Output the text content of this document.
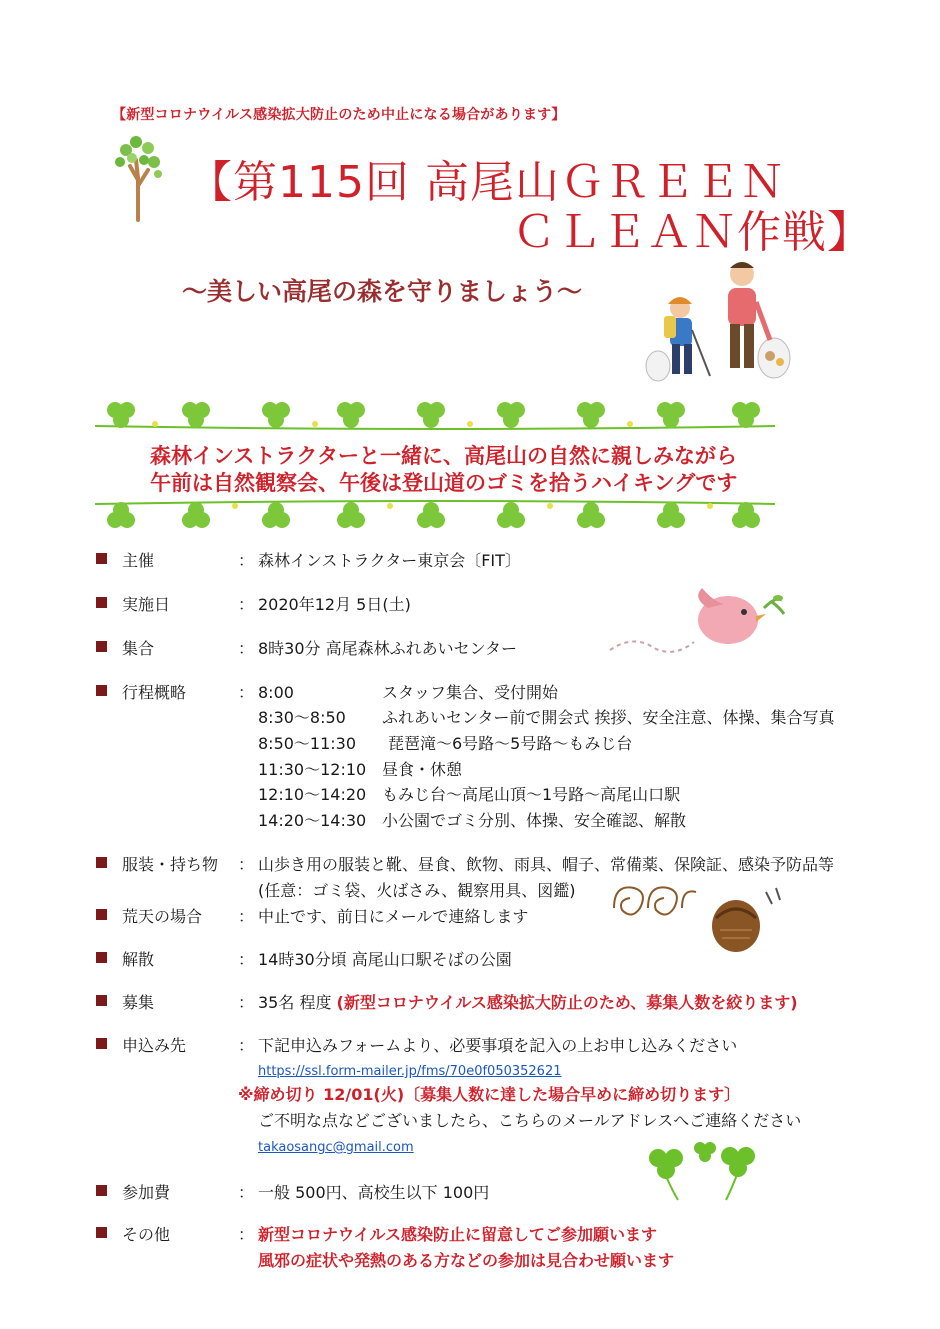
【新型コロナウイルス感染拡大防止のため中止になる場合があります】
【第115回 高尾山ＧＲＥＥＮ
ＣＬＥＡＮ作戦】
～美しい高尾の森を守りましょう～
森林インストラクターと一緒に、高尾山の自然に親しみながら
午前は自然観察会、午後は登山道のゴミを拾うハイキングです
主催	： 森林インストラクター東京会〔FIT〕
実施日	： 2020年12月 5日(土)
集合	： 8時30分 高尾森林ふれあいセンター
行程概略	： 8:00	スタッフ集合、受付開始
8:30～8:50 ふれあいセンター前で開会式 挨拶、安全注意、体操、集合写真
8:50～11:30 琵琶滝～6号路～5号路～もみじ台
11:30～12:10 昼食・休憩
12:10～14:20 もみじ台～高尾山頂～1号路～高尾山口駅
14:20～14:30 小公園でゴミ分別、体操、安全確認、解散
服装・持ち物 ： 山歩き用の服装と靴、昼食、飲物、雨具、帽子、常備薬、保険証、感染予防品等
(任意：ゴミ袋、火ばさみ、観察用具、図鑑)
荒天の場合 ： 中止です、前日にメールで連絡します
解散	： 14時30分頃 高尾山口駅そばの公園
募集	： 35名 程度 (新型コロナウイルス感染拡大防止のため、募集人数を絞ります)
申込み先	： 下記申込みフォームより、必要事項を記入の上お申し込みください
https://ssl.form-mailer.jp/fms/70e0f050352621
※締め切り 12/01(火)〔募集人数に達した場合早めに締め切ります〕
ご不明な点などございましたら、こちらのメールアドレスへご連絡ください
takaosangc@gmail.com
参加費	： 一般 500円、高校生以下 100円
その他	： 新型コロナウイルス感染防止に留意してご参加願います
風邪の症状や発熱のある方などの参加は見合わせ願います
